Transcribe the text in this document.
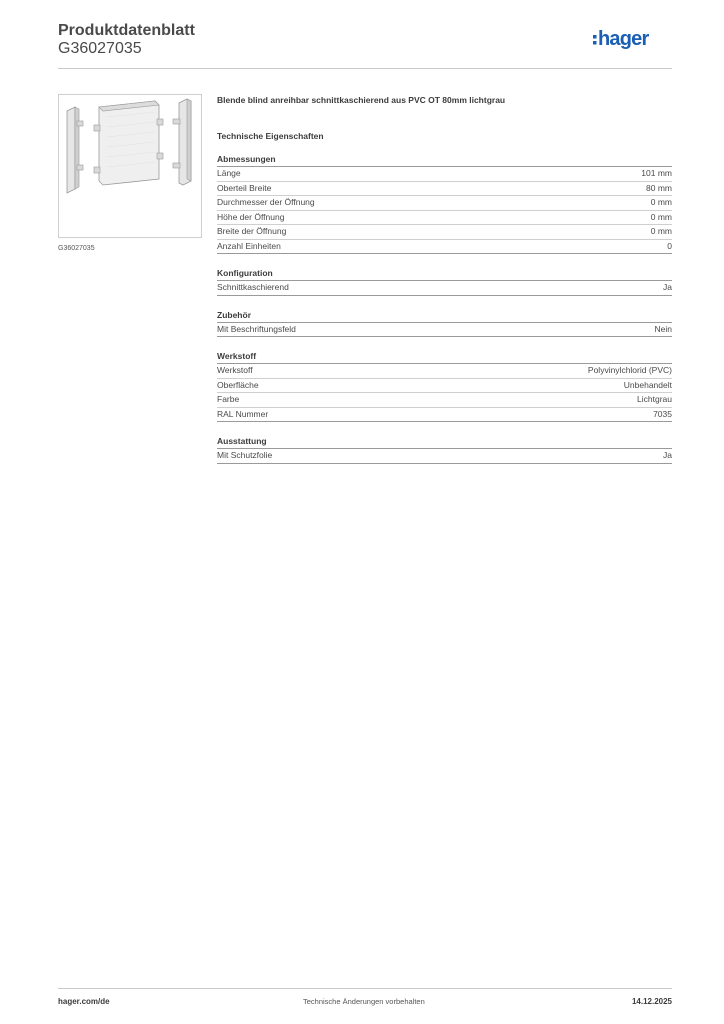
Produktdatenblatt
G36027035	hager
G36027035
Blende blind anreihbar schnittkaschierend aus PVC OT 80mm lichtgrau
Technische Eigenschaften
Abmessungen
Länge	101 mm
Oberteil Breite	80 mm
Durchmesser der Öffnung	0 mm
Höhe der Öffnung	0 mm
Breite der Öffnung	0 mm
Anzahl Einheiten	0
Konfiguration
Schnittkaschierend	Ja
Zubehör
Mit Beschriftungsfeld	Nein
Werkstoff
Werkstoff	Polyvinylchlorid (PVC)
Oberfläche	Unbehandelt
Farbe	Lichtgrau
RAL Nummer	7035
Ausstattung
Mit Schutzfolie	Ja
hager.com/de	Technische Änderungen vorbehalten	14.12.2025
